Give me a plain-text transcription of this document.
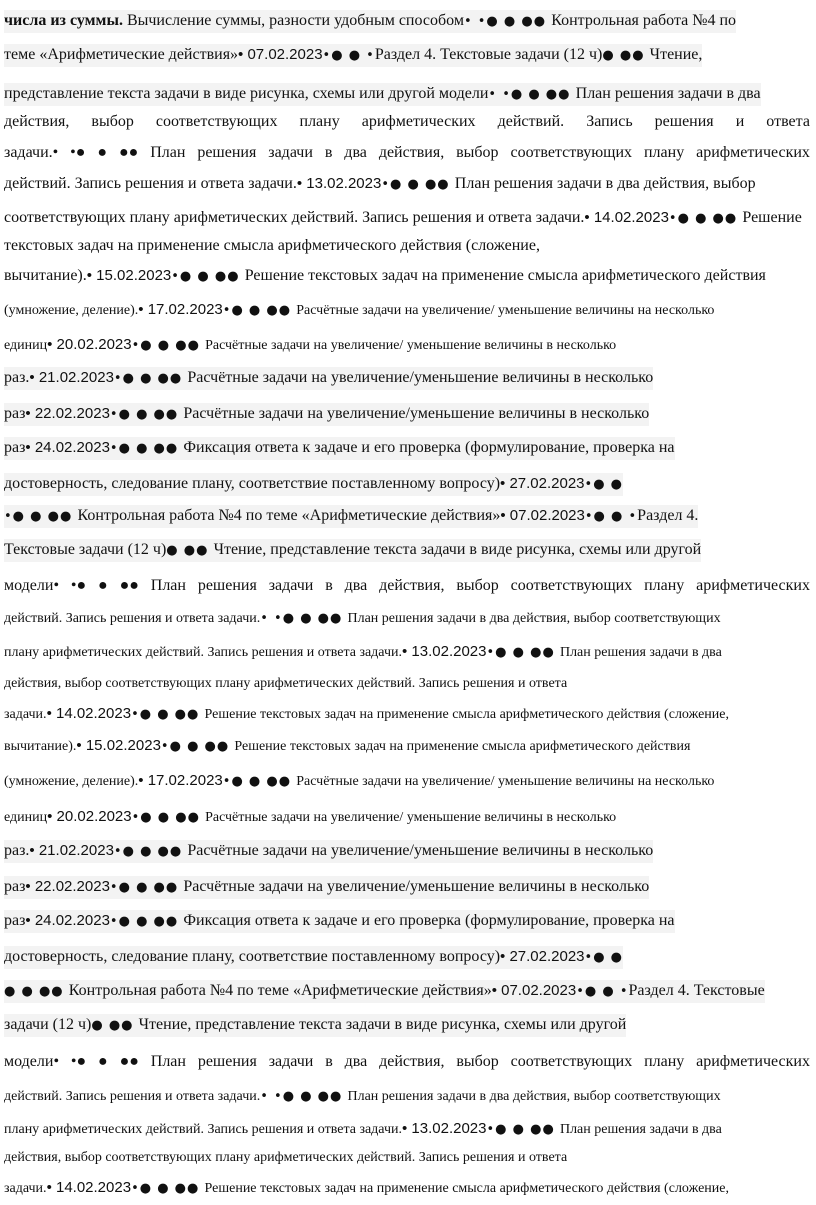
числа из суммы. Вычисление суммы, разности удобным способом• •● ● ●● Контрольная работа №4 по
теме «Арифметические действия»• 07.02.2023•● ● •Раздел 4. Текстовые задачи (12 ч)● ●● Чтение,
представление текста задачи в виде рисунка, схемы или другой модели• •● ● ●● План решения задачи в два
действия, выбор соответствующих плану арифметических действий. Запись решения и ответа
задачи.• •● ● ●● План решения задачи в два действия, выбор соответствующих плану арифметических
действий. Запись решения и ответа задачи.• 13.02.2023•● ● ●● План решения задачи в два действия, выбор
соответствующих плану арифметических действий. Запись решения и ответа задачи.• 14.02.2023•● ● ●● Решение
текстовых задач на применение смысла арифметического действия (сложение,
вычитание).• 15.02.2023•● ● ●● Решение текстовых задач на применение смысла арифметического действия
(умножение, деление).• 17.02.2023•● ● ●● Расчётные задачи на увеличение/ уменьшение величины на несколько
единиц• 20.02.2023•● ● ●● Расчётные задачи на увеличение/ уменьшение величины в несколько
раз.• 21.02.2023•● ● ●● Расчётные задачи на увеличение/уменьшение величины в несколько
раз• 22.02.2023•● ● ●● Расчётные задачи на увеличение/уменьшение величины в несколько
раз• 24.02.2023•● ● ●● Фиксация ответа к задаче и его проверка (формулирование, проверка на
достоверность, следование плану, соответствие поставленному вопросу)• 27.02.2023•● ●
•● ● ●● Контрольная работа №4 по теме «Арифметические действия»• 07.02.2023•● ● •Раздел 4.
Текстовые задачи (12 ч)● ●● Чтение, представление текста задачи в виде рисунка, схемы или другой
модели• •● ● ●● План решения задачи в два действия, выбор соответствующих плану арифметических
действий. Запись решения и ответа задачи.• •● ● ●● План решения задачи в два действия, выбор соответствующих
плану арифметических действий. Запись решения и ответа задачи.• 13.02.2023•● ● ●● План решения задачи в два
действия, выбор соответствующих плану арифметических действий. Запись решения и ответа
задачи.• 14.02.2023•● ● ●● Решение текстовых задач на применение смысла арифметического действия (сложение,
вычитание).• 15.02.2023•● ● ●● Решение текстовых задач на применение смысла арифметического действия
(умножение, деление).• 17.02.2023•● ● ●● Расчётные задачи на увеличение/ уменьшение величины на несколько
единиц• 20.02.2023•● ● ●● Расчётные задачи на увеличение/ уменьшение величины в несколько
раз.• 21.02.2023•● ● ●● Расчётные задачи на увеличение/уменьшение величины в несколько
раз• 22.02.2023•● ● ●● Расчётные задачи на увеличение/уменьшение величины в несколько
раз• 24.02.2023•● ● ●● Фиксация ответа к задаче и его проверка (формулирование, проверка на
достоверность, следование плану, соответствие поставленному вопросу)• 27.02.2023•● ●
● ● ●● Контрольная работа №4 по теме «Арифметические действия»• 07.02.2023•● ● •Раздел 4. Текстовые
задачи (12 ч)● ●● Чтение, представление текста задачи в виде рисунка, схемы или другой
модели• •● ● ●● План решения задачи в два действия, выбор соответствующих плану арифметических
действий. Запись решения и ответа задачи.• •● ● ●● План решения задачи в два действия, выбор соответствующих
плану арифметических действий. Запись решения и ответа задачи.• 13.02.2023•● ● ●● План решения задачи в два
действия, выбор соответствующих плану арифметических действий. Запись решения и ответа
задачи.• 14.02.2023•● ● ●● Решение текстовых задач на применение смысла арифметического действия (сложение,
